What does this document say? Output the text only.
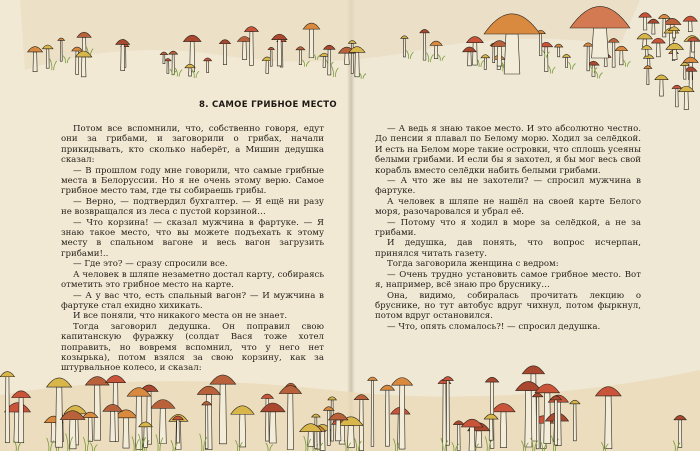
8. САМОЕ ГРИБНОЕ МЕСТО

Потом все вспомнили, что, собственно говоря, едут они за грибами, и заговорили о грибах, начали прикидывать, кто сколько наберёт, а Мишин дедушка сказал:

— В прошлом году мне говорили, что самые грибные места в Белоруссии. Но я не очень этому верю. Самое грибное место там, где ты собираешь грибы.

— Верно, — подтвердил бухгалтер. — Я ещё ни разу не возвращался из леса с пустой корзиной…

— Что корзина! — сказал мужчина в фартуке. — Я знаю такое место, что вы можете подъехать к этому месту в спальном вагоне и весь вагон загрузить грибами!..

— Где это? — сразу спросили все.

А человек в шляпе незаметно достал карту, собираясь отметить это грибное место на карте.

— А у вас что, есть спальный вагон? — И мужчина в фартуке стал ехидно хихикать.

И все поняли, что никакого места он не знает.

Тогда заговорил дедушка. Он поправил свою капитанскую фуражку (солдат Вася тоже хотел поправить, но вовремя вспомнил, что у него нет козырька), потом взялся за свою корзину, как за штурвальное колесо, и сказал:

— А ведь я знаю такое место. И это абсолютно честно. До пенсии я плавал по Белому морю. Ходил за селёдкой. И есть на Белом море такие островки, что сплошь усеяны белыми грибами. И если бы я захотел, я бы мог весь свой корабль вместо селёдки набить белыми грибами.

— А что же вы не захотели? — спросил мужчина в фартуке.

А человек в шляпе не нашёл на своей карте Белого моря, разочаровался и убрал её.

— Потому что я ходил в море за селёдкой, а не за грибами.

И дедушка, дав понять, что вопрос исчерпан, принялся читать газету.

Тогда заговорила женщина с ведром:

— Очень трудно установить самое грибное место. Вот я, например, всё знаю про бруснику…

Она, видимо, собиралась прочитать лекцию о бруснике, но тут автобус вдруг чихнул, потом фыркнул, потом вдруг остановился.

— Что, опять сломалось?! — спросил дедушка.
